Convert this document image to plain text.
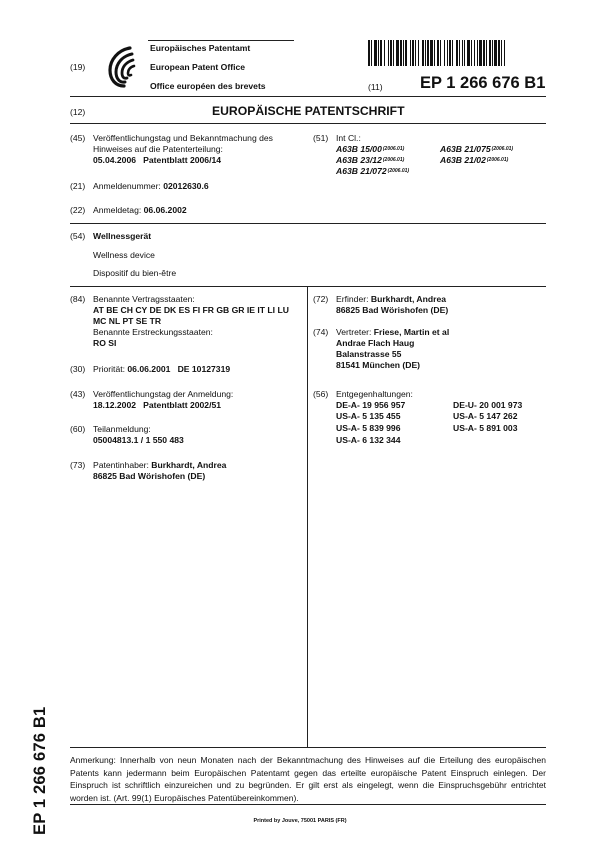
(19)
Europäisches Patentamt
European Patent Office
Office européen des brevets	(11) EP 1 266 676 B1
(12)	EUROPÄISCHE PATENTSCHRIFT
(45) Veröffentlichungstag und Bekanntmachung des
Hinweises auf die Patenterteilung:
05.04.2006   Patentblatt 2006/14
(51) Int Cl.:
A63B $15/00^{(2006.01)}$	A63B $21/075^{(2006.01)}$
A63B $23/12^{(2006.01)}$	A63B $21/02^{(2006.01)}$
A63B $21/072^{(2006.01)}$
(21) Anmeldenummer: 02012630.6
(22) Anmeldetag: 06.06.2002
(54) Wellnessgerät
Wellness device
Dispositif du bien-être
(84) Benannte Vertragsstaaten:
AT BE CH CY DE DK ES FI FR GB GR IE IT LI LU
MC NL PT SE TR
Benannte Erstreckungsstaaten:
RO SI
(30) Priorität: 06.06.2001   DE 10127319
(43) Veröffentlichungstag der Anmeldung:
18.12.2002   Patentblatt 2002/51
(60) Teilanmeldung:
05004813.1 / 1 550 483
(73) Patentinhaber: Burkhardt, Andrea
86825 Bad Wörishofen (DE)
(72) Erfinder: Burkhardt, Andrea
86825 Bad Wörishofen (DE)
(74) Vertreter: Friese, Martin et al
Andrae Flach Haug
Balanstrasse 55
81541 München (DE)
(56) Entgegenhaltungen:
DE-A- 19 956 957	DE-U- 20 001 973
US-A- 5 135 455	US-A- 5 147 262
US-A- 5 839 996	US-A- 5 891 003
US-A- 6 132 344
EP 1 266 676 B1 Anmerkung: Innerhalb von neun Monaten nach der Bekanntmachung des Hinweises auf die Erteilung des europäischen Patents kann jedermann beim Europäischen Patentamt gegen das erteilte europäische Patent Einspruch einlegen. Der Einspruch ist schriftlich einzureichen und zu begründen. Er gilt erst als eingelegt, wenn die Einspruchsgebühr entrichtet worden ist. (Art. 99(1) Europäisches Patentübereinkommen).
Printed by Jouve, 75001 PARIS (FR)
